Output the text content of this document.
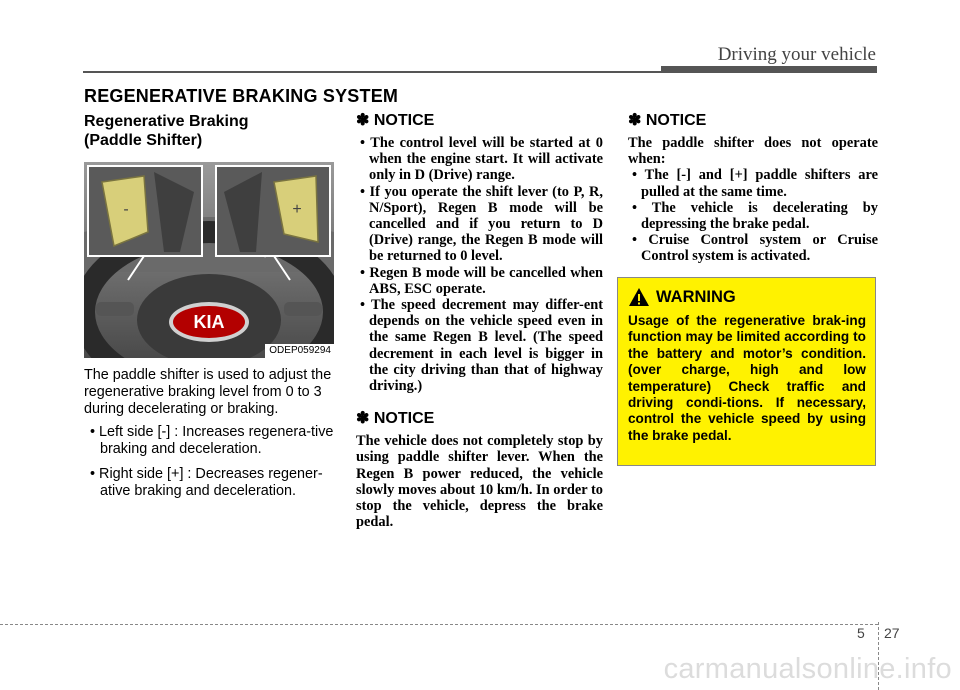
Driving your vehicle
REGENERATIVE BRAKING SYSTEM

Regenerative Braking
(Paddle Shifter)

KIA
-	+
ODEP059294

The paddle shifter is used to adjust the regenerative braking level from 0 to 3 during decelerating or braking.

• Left side [-] : Increases regenera-tive braking and deceleration.
• Right side [+] : Decreases regener-ative braking and deceleration.

✽ NOTICE

• The control level will be started at 0 when the engine start. It will activate only in D (Drive) range.
• If you operate the shift lever (to P, R, N/Sport), Regen B mode will be cancelled and if you return to D (Drive) range, the Regen B mode will be returned to 0 level.
• Regen B mode will be cancelled when ABS, ESC operate.
• The speed decrement may differ-ent depends on the vehicle speed even in the same Regen B level. (The speed decrement in each level is bigger in the city driving than that of highway driving.)

✽ NOTICE

The vehicle does not completely stop by using paddle shifter lever. When the Regen B power reduced, the vehicle slowly moves about 10 km/h. In order to stop the vehicle, depress the brake pedal.

✽ NOTICE

The paddle shifter does not operate when:

• The [-] and [+] paddle shifters are pulled at the same time.
• The vehicle is decelerating by depressing the brake pedal.
• Cruise Control system or Cruise Control system is activated.
WARNING

Usage of the regenerative brak-ing function may be limited according to the battery and motor’s condition. (over charge, high and low temperature) Check traffic and driving condi-tions. If necessary, control the vehicle speed by using the brake pedal.

5 27
carmanualsonline.info
